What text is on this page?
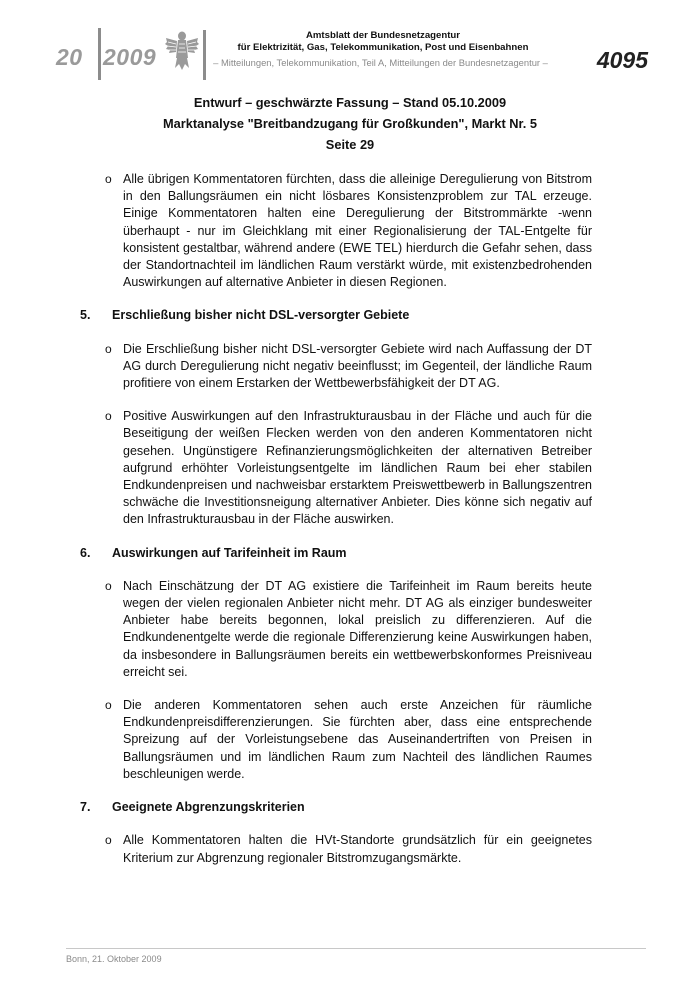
20 2009
Amtsblatt der Bundesnetzagentur
für Elektrizität, Gas, Telekommunikation, Post und Eisenbahnen
– Mitteilungen, Telekommunikation, Teil A, Mitteilungen der Bundesnetzagentur – 4095
Entwurf – geschwärzte Fassung – Stand 05.10.2009
Marktanalyse "Breitbandzugang für Großkunden", Markt Nr. 5
Seite 29
o Alle übrigen Kommentatoren fürchten, dass die alleinige Deregulierung von Bitstrom in den Ballungsräumen ein nicht lösbares Konsistenzproblem zur TAL erzeuge. Einige Kommentatoren halten eine Deregulierung der Bitstrommärkte -wenn überhaupt - nur im Gleichklang mit einer Regionalisierung der TAL-Entgelte für konsistent gestaltbar, während andere (EWE TEL) hierdurch die Gefahr sehen, dass der Standortnachteil im ländlichen Raum verstärkt würde, mit existenzbedrohenden Auswirkungen auf alternative Anbieter in diesen Regionen.
5. Erschließung bisher nicht DSL-versorgter Gebiete
o Die Erschließung bisher nicht DSL-versorgter Gebiete wird nach Auffassung der DT AG durch Deregulierung nicht negativ beeinflusst; im Gegenteil, der ländliche Raum profitiere von einem Erstarken der Wettbewerbsfähigkeit der DT AG.
o Positive Auswirkungen auf den Infrastrukturausbau in der Fläche und auch für die Beseitigung der weißen Flecken werden von den anderen Kommentatoren nicht gesehen. Ungünstigere Refinanzierungsmöglichkeiten der alternativen Betreiber aufgrund erhöhter Vorleistungsentgelte im ländlichen Raum bei eher stabilen Endkundenpreisen und nachweisbar erstarktem Preiswettbewerb in Ballungszentren schwäche die Investitionsneigung alternativer Anbieter. Dies könne sich negativ auf den Infrastrukturausbau in der Fläche auswirken.
6. Auswirkungen auf Tarifeinheit im Raum
o Nach Einschätzung der DT AG existiere die Tarifeinheit im Raum bereits heute wegen der vielen regionalen Anbieter nicht mehr. DT AG als einziger bundesweiter Anbieter habe bereits begonnen, lokal preislich zu differenzieren. Auf die Endkundenentgelte werde die regionale Differenzierung keine Auswirkungen haben, da insbesondere in Ballungsräumen bereits ein wettbewerbskonformes Preisniveau erreicht sei.
o Die anderen Kommentatoren sehen auch erste Anzeichen für räumliche Endkundenpreisdifferenzierungen. Sie fürchten aber, dass eine entsprechende Spreizung auf der Vorleistungsebene das Auseinandertriften von Preisen in Ballungsräumen und im ländlichen Raum zum Nachteil des ländlichen Raumes beschleunigen werde.
7. Geeignete Abgrenzungskriterien
o Alle Kommentatoren halten die HVt-Standorte grundsätzlich für ein geeignetes Kriterium zur Abgrenzung regionaler Bitstromzugangsmärkte.
Bonn, 21. Oktober 2009
